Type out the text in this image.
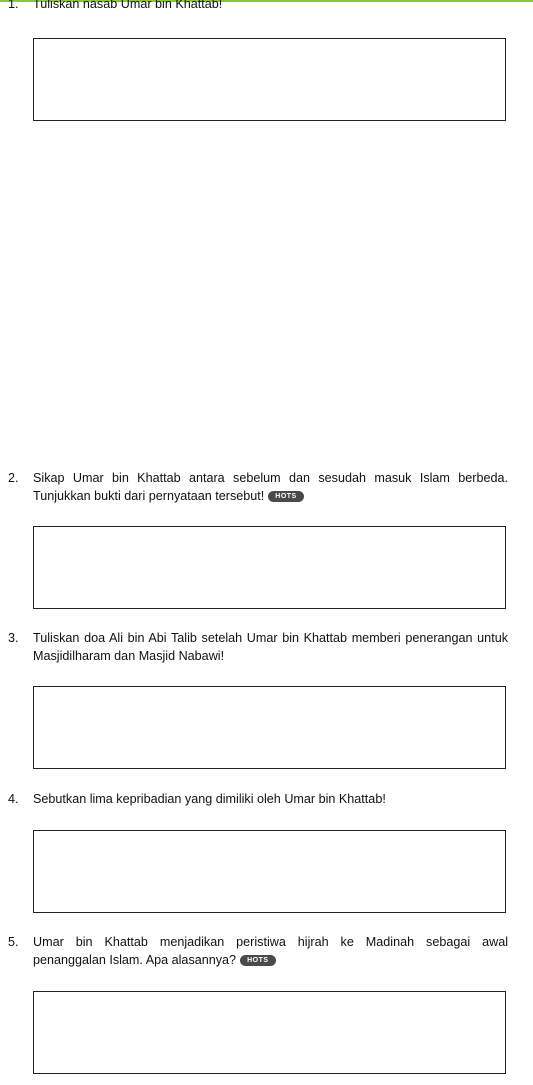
1.	Tuliskan nasab Umar bin Khattab!
2.	Sikap Umar bin Khattab antara sebelum dan sesudah masuk Islam berbeda. Tunjukkan bukti dari pernyataan tersebut! HOTS
3.	Tuliskan doa Ali bin Abi Talib setelah Umar bin Khattab memberi penerangan untuk Masjidilharam dan Masjid Nabawi!
4.	Sebutkan lima kepribadian yang dimiliki oleh Umar bin Khattab!
5.	Umar bin Khattab menjadikan peristiwa hijrah ke Madinah sebagai awal penanggalan Islam. Apa alasannya? HOTS
